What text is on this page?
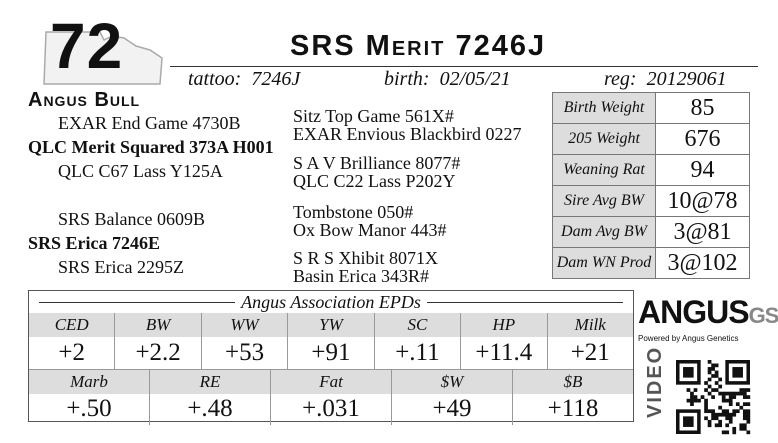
72	SRS Merit 7246J
tattoo: 7246J	birth: 02/05/21	reg: 20129061
Angus Bull
EXAR End Game 4730B
QLC Merit Squared 373A H001
QLC C67 Lass Y125A
SRS Balance 0609B
SRS Erica 7246E
SRS Erica 2295Z
Sitz Top Game 561X#
EXAR Envious Blackbird 0227
S A V Brilliance 8077#
QLC C22 Lass P202Y
Tombstone 050#
Ox Bow Manor 443#
S R S Xhibit 8071X
Basin Erica 343R#
Birth Weight	85
205 Weight	676
Weaning Rat	94
Sire Avg BW	10@78
Dam Avg BW	3@81
Dam WN Prod	3@102
Angus Association EPDs
CED	BW	WW	YW	SC	HP	Milk
+2	+2.2	+53	+91	+.11	+11.4	+21
Marb	RE	Fat	$W	$B
+.50	+.48	+.031	+49	+118
ANGUSGS
Powered by Angus Genetics
VIDEO
